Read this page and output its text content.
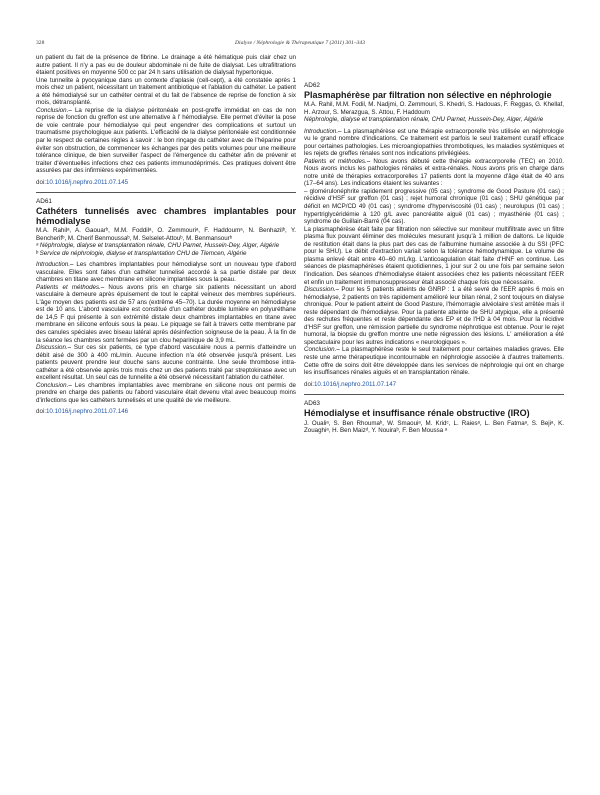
328	Dialyse / Néphrologie & Thérapeutique 7 (2011) 301–343

un patient du fait de la présence de fibrine. Le drainage a été hématique puis clair chez un autre patient. Il n'y a pas eu de douleur abdominale ni de fuite de dialysat. Les ultrafiltrations étaient positives en moyenne 500 cc par 24 h sans utilisation de dialysat hypertonique.

Une tunnelite à pyocyanique dans un contexte d'aplasie (cell-cept), a été constatée après 1 mois chez un patient, nécessitant un traitement antibiotique et l'ablation du cathéter. Le patient a été hémodialysé sur un cathéter central et du fait de l'absence de reprise de fonction à six mois, détransplanté.

Conclusion.– La reprise de la dialyse péritonéale en post-greffe immédiat en cas de non reprise de fonction du greffon est une alternative à l' hémodialyse. Elle permet d'éviter la pose de voie centrale pour hémodialyse qui peut engendrer des complications et surtout un traumatisme psychologique aux patients. L'efficacité de la dialyse péritonéale est conditionnée par le respect de certaines règles à savoir : le bon rinçage du cathéter avec de l'héparine pour éviter son obstruction, de commencer les échanges par des petits volumes pour une meilleure tolérance clinique, de bien surveiller l'aspect de l'émergence du cathéter afin de prévenir et traiter d'éventuelles infections chez ces patients immunodéprimés. Ces pratiques doivent être assurées par des infirmières expérimentées.

doi:10.1016/j.nephro.2011.07.145
AD61
Cathéters tunnelisés avec chambres implantables pour hémodialyse
M.A. Rahilᵃ, A. Gaouarᵇ, M.M. Foddilᵃ, O. Zemmouriᵃ, F. Haddoumᵃ, N. Benhazilᵇ, Y. Bencherifᵇ, M. Cherif Benmoussaᵇ, M. Selselet-Attouᵇ, M. Benmansourᵇ
ᵃ Néphrologie, dialyse et transplantation rénale, CHU Parnet, Hussein-Dey, Alger, Algérie
ᵇ Service de néphrologie, dialyse et transplantation CHU de Tlemcen, Algérie

Introduction.– Les chambres implantables pour hémodialyse sont un nouveau type d'abord vasculaire. Elles sont faites d'un cathéter tunnelisé accordé à sa partie distale par deux chambres en titane avec membrane en silicone implantées sous la peau.

Patients et méthodes.– Nous avons pris en charge six patients nécessitant un abord vasculaire à demeure après épuisement de tout le capital veineux des membres supérieurs. L'âge moyen des patients est de 57 ans (extrême 45–70). La durée moyenne en hémodialyse est de 10 ans. L'abord vasculaire est constitué d'un cathéter double lumière en polyuréthane de 14,5 F qui présente à son extrémité distale deux chambres implantables en titane avec membrane en silicone enfouis sous la peau. Le piquage se fait à travers cette membrane par des canules spéciales avec biseau latéral après désinfection soigneuse de la peau. À la fin de la séance les chambres sont fermées par un clou heparinique de 3,9 mL.

Discussion.– Sur ces six patients, ce type d'abord vasculaire nous a permis d'atteindre un débit aisé de 300 à 400 mL/min. Aucune infection n'a été observée jusqu'à présent. Les patients peuvent prendre leur douche sans aucune contrainte. Une seule thrombose intra-cathéter a été observée après trois mois chez un des patients traité par streptokinase avec un excellent résultat. Un seul cas de tunnelite a été observé nécessitant l'ablation du cathéter.

Conclusion.– Les chambres implantables avec membrane en silicone nous ont permis de prendre en charge des patients ou l'abord vasculaire était devenu vital avec beaucoup moins d'infections que les cathéters tunnelisés et une qualité de vie meilleure.

doi:10.1016/j.nephro.2011.07.146
AD62
Plasmaphérèse par filtration non sélective en néphrologie
M.A. Rahil, M.M. Fodil, M. Nadjmi, O. Zemmouri, S. Khedri, S. Hadouas, F. Reggas, G. Khellaf, H. Arzour, S. Merazgua, S. Attou, F. Haddoum
Néphrologie, dialyse et transplantation rénale, CHU Parnet, Hussein-Dey, Alger, Algérie

Introduction.– La plasmaphérèse est une thérapie extracorporelle très utilisée en néphrologie vu le grand nombre d'indications. Ce traitement est parfois le seul traitement curatif efficace pour certaines pathologies. Les microangiopathies thrombotiques, les maladies systémiques et les rejets de greffes rénales sont nos indications privilégiées.

Patients et méthodes.– Nous avons débuté cette thérapie extracorporelle (TEC) en 2010. Nous avons inclus les pathologies rénales et extra-rénales. Nous avons pris en charge dans notre unité de thérapies extracorporelles 17 patients dont la moyenne d'âge était de 40 ans (17–64 ans). Les indications étaient les suivantes :

– glomérulonéphrite rapidement progressive (05 cas) ; syndrome de Good Pasture (01 cas) ; récidive d'HSF sur greffon (01 cas) ; rejet humoral chronique (01 cas) ; SHU génétique par déficit en MCP/CD 49 (01 cas) ; syndrome d'hyperviscosité (01 cas) ; neurolupus (01 cas) ; hypertriglycéridémie à 120 g/L avec pancréatite aiguë (01 cas) ; myasthénie (01 cas) ; syndrome de Guillain-Barré (04 cas).

La plasmaphérèse était faite par filtration non sélective sur moniteur multifiltrate avec un filtre plasma flux pouvant éliminer des molécules mesurant jusqu'à 1 million de daltons. Le liquide de restitution était dans la plus part des cas de l'albumine humaine associée à du SSI (PFC pour le SHU). Le débit d'extraction variait selon la tolérance hémodynamique. Le volume de plasma enlevé était entre 40–60 mL/kg. L'anticoagulation était faite d'HNF en continue. Les séances de plasmaphérèses étaient quotidiennes, 1 jour sur 2 ou une fois par semaine selon l'indication. Des séances d'hémodialyse étaient associées chez les patients nécessitant l'EER et enfin un traitement immunosuppresseur était associé chaque fois que nécessaire.

Discussion.– Pour les 5 patients atteints de GNRP : 1 a été sevré de l'EER après 6 mois en hémodialyse, 2 patients on très rapidement amélioré leur bilan rénal, 2 sont toujours en dialyse chronique. Pour le patient atteint de Good Pasture, l'hémorragie alvéolaire s'est arrêtée mais il reste dépendant de l'hémodialyse. Pour la patiente atteinte de SHU atypique, elle a présenté des rechutes fréquentes et reste dépendante des EP et de l'HD à 04 mois. Pour la récidive d'HSF sur greffon, une rémission partielle du syndrome néphrotique est obtenue. Pour le rejet humoral, la biopsie du greffon montre une nette régression des lésions. L' amélioration a été spectaculaire pour les autres indications « neurologiques ».

Conclusion.– La plasmaphérèse reste le seul traitement pour certaines maladies graves. Elle reste une arme thérapeutique incontournable en néphrologie associée à d'autres traitements. Cette offre de soins doit être développée dans les services de néphrologie qui ont en charge les insuffisances rénales aiguës et en transplantation rénale.

doi:10.1016/j.nephro.2011.07.147
AD63
Hémodialyse et insuffisance rénale obstructive (IRO)
J. Oualiᵃ, S. Ben Rhoumaᵇ, W. Smaouiᵃ, M. Kridᶜ, L. Raiesᵃ, L. Ben Fatmaᵃ, S. Bejiᵃ, K. Zouaghiᵃ, H. Ben Maizᵈ, Y. Nouiraᵇ, F. Ben Moussa ᵃ
